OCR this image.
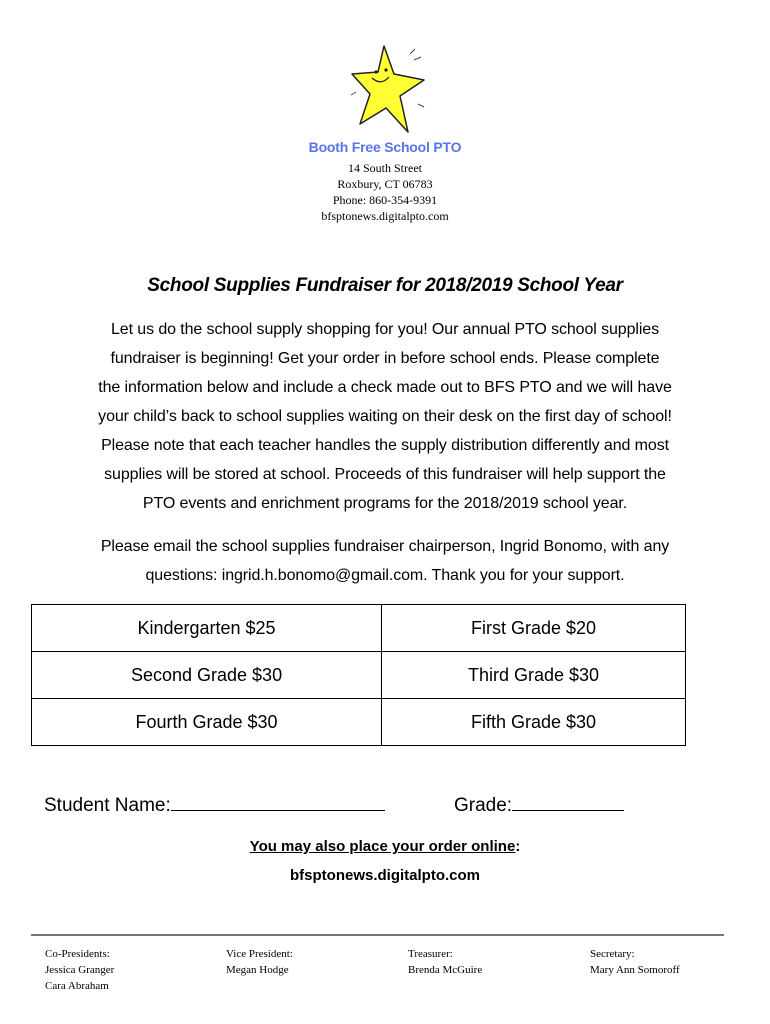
Booth Free School PTO
14 South Street
Roxbury, CT 06783
Phone: 860-354-9391
bfsptonews.digitalpto.com
School Supplies Fundraiser for 2018/2019 School Year
Let us do the school supply shopping for you! Our annual PTO school supplies
fundraiser is beginning! Get your order in before school ends. Please complete
the information below and include a check made out to BFS PTO and we will have
your child’s back to school supplies waiting on their desk on the first day of school!
Please note that each teacher handles the supply distribution differently and most
supplies will be stored at school. Proceeds of this fundraiser will help support the
PTO events and enrichment programs for the 2018/2019 school year.
Please email the school supplies fundraiser chairperson, Ingrid Bonomo, with any
questions: ingrid.h.bonomo@gmail.com. Thank you for your support.
Kindergarten $25	First Grade $20
Second Grade $30	Third Grade $30
Fourth Grade $30	Fifth Grade $30
Student Name:	Grade:
You may also place your order online:
bfsptonews.digitalpto.com
Co-Presidents:
Jessica Granger
Cara Abraham
Vice President:
Megan Hodge
Treasurer:
Brenda McGuire
Secretary:
Mary Ann Somoroff
